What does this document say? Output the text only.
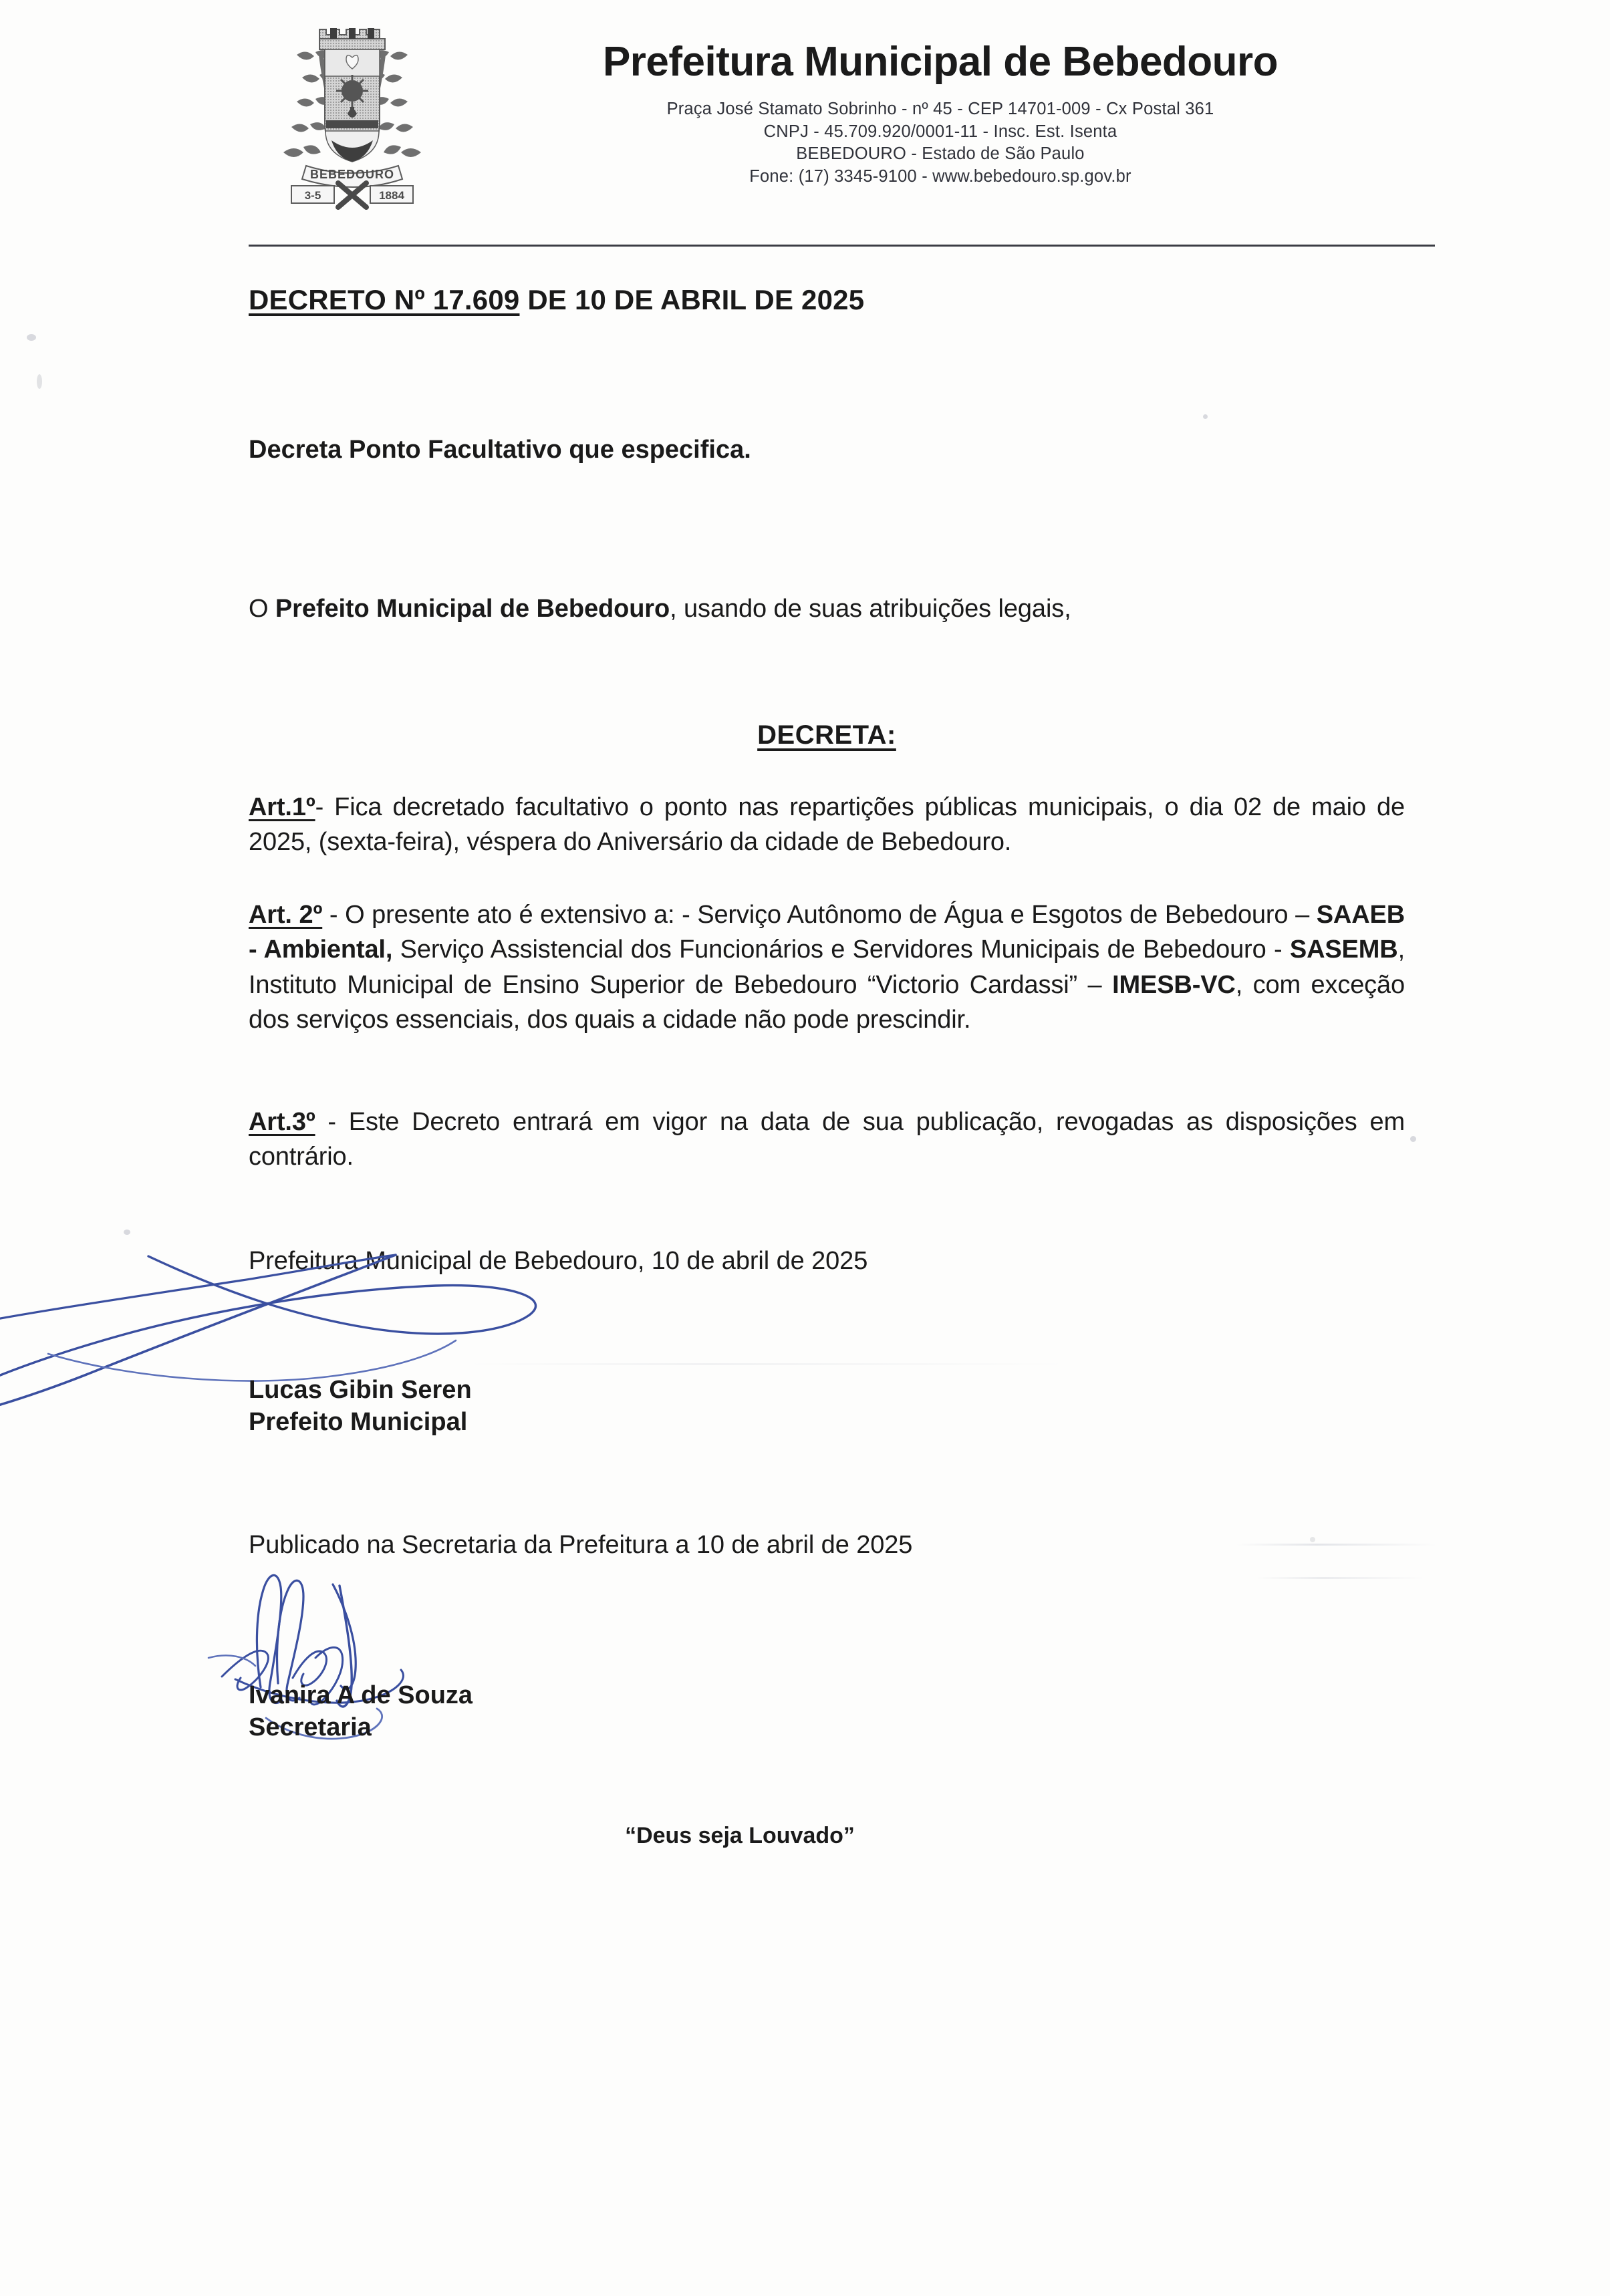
BEBEDOURO
3-5	1884
Prefeitura Municipal de Bebedouro
Praça José Stamato Sobrinho - nº 45 - CEP 14701-009 - Cx Postal 361
CNPJ - 45.709.920/0001-11 - Insc. Est. Isenta
BEBEDOURO - Estado de São Paulo
Fone: (17) 3345-9100 - www.bebedouro.sp.gov.br
DECRETO Nº 17.609 DE 10 DE ABRIL DE 2025
Decreta Ponto Facultativo que especifica.
O Prefeito Municipal de Bebedouro, usando de suas atribuições legais,
DECRETA:
Art.1º- Fica decretado facultativo o ponto nas repartições públicas municipais, o dia 02 de maio de 2025, (sexta-feira), véspera do Aniversário da cidade de Bebedouro.
Art. 2º - O presente ato é extensivo a: - Serviço Autônomo de Água e Esgotos de Bebedouro – SAAEB - Ambiental, Serviço Assistencial dos Funcionários e Servidores Municipais de Bebedouro - SASEMB, Instituto Municipal de Ensino Superior de Bebedouro “Victorio Cardassi” – IMESB-VC, com exceção dos serviços essenciais, dos quais a cidade não pode prescindir.
Art.3º - Este Decreto entrará em vigor na data de sua publicação, revogadas as disposições em contrário.
Prefeitura Municipal de Bebedouro, 10 de abril de 2025
Lucas Gibin Seren
Prefeito Municipal
Publicado na Secretaria da Prefeitura a 10 de abril de 2025
Ivanira A de Souza
Secretaria
“Deus seja Louvado”
